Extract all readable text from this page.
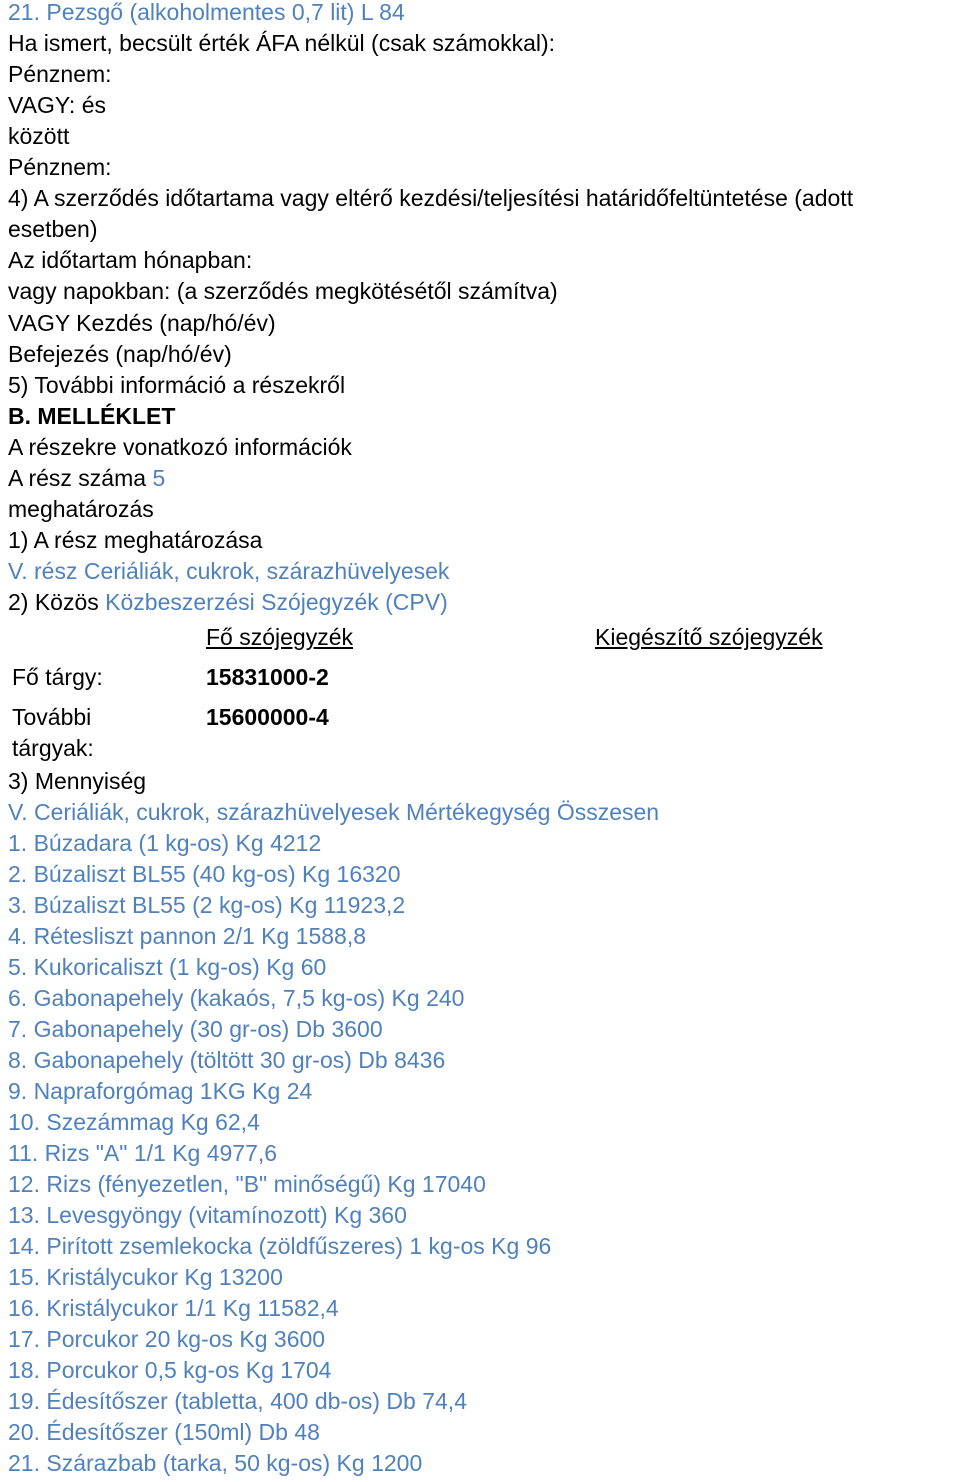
21. Pezsgő (alkoholmentes 0,7 lit) L 84
Ha ismert, becsült érték ÁFA nélkül (csak számokkal):
Pénznem:
VAGY: és
között
Pénznem:
4) A szerződés időtartama vagy eltérő kezdési/teljesítési határidőfeltüntetése (adott
esetben)
Az időtartam hónapban:
vagy napokban: (a szerződés megkötésétől számítva)
VAGY Kezdés (nap/hó/év)
Befejezés (nap/hó/év)
5) További információ a részekről
B. MELLÉKLET
A részekre vonatkozó információk
A rész száma 5
meghatározás
1) A rész meghatározása
V. rész Ceriáliák, cukrok, szárazhüvelyesek
2) Közös Közbeszerzési Szójegyzék (CPV)
Fő szójegyzék	Kiegészítő szójegyzék
Fő tárgy:	15831000-2
További
tárgyak:
15600000-4
3) Mennyiség
V. Ceriáliák, cukrok, szárazhüvelyesek Mértékegység Összesen
1. Búzadara (1 kg-os) Kg 4212
2. Búzaliszt BL55 (40 kg-os) Kg 16320
3. Búzaliszt BL55 (2 kg-os) Kg 11923,2
4. Rétesliszt pannon 2/1 Kg 1588,8
5. Kukoricaliszt (1 kg-os) Kg 60
6. Gabonapehely (kakaós, 7,5 kg-os) Kg 240
7. Gabonapehely (30 gr-os) Db 3600
8. Gabonapehely (töltött 30 gr-os) Db 8436
9. Napraforgómag 1KG Kg 24
10. Szezámmag Kg 62,4
11. Rizs "A" 1/1 Kg 4977,6
12. Rizs (fényezetlen, "B" minőségű) Kg 17040
13. Levesgyöngy (vitamínozott) Kg 360
14. Pirított zsemlekocka (zöldfűszeres) 1 kg-os Kg 96
15. Kristálycukor Kg 13200
16. Kristálycukor 1/1 Kg 11582,4
17. Porcukor 20 kg-os Kg 3600
18. Porcukor 0,5 kg-os Kg 1704
19. Édesítőszer (tabletta, 400 db-os) Db 74,4
20. Édesítőszer (150ml) Db 48
21. Szárazbab (tarka, 50 kg-os) Kg 1200
